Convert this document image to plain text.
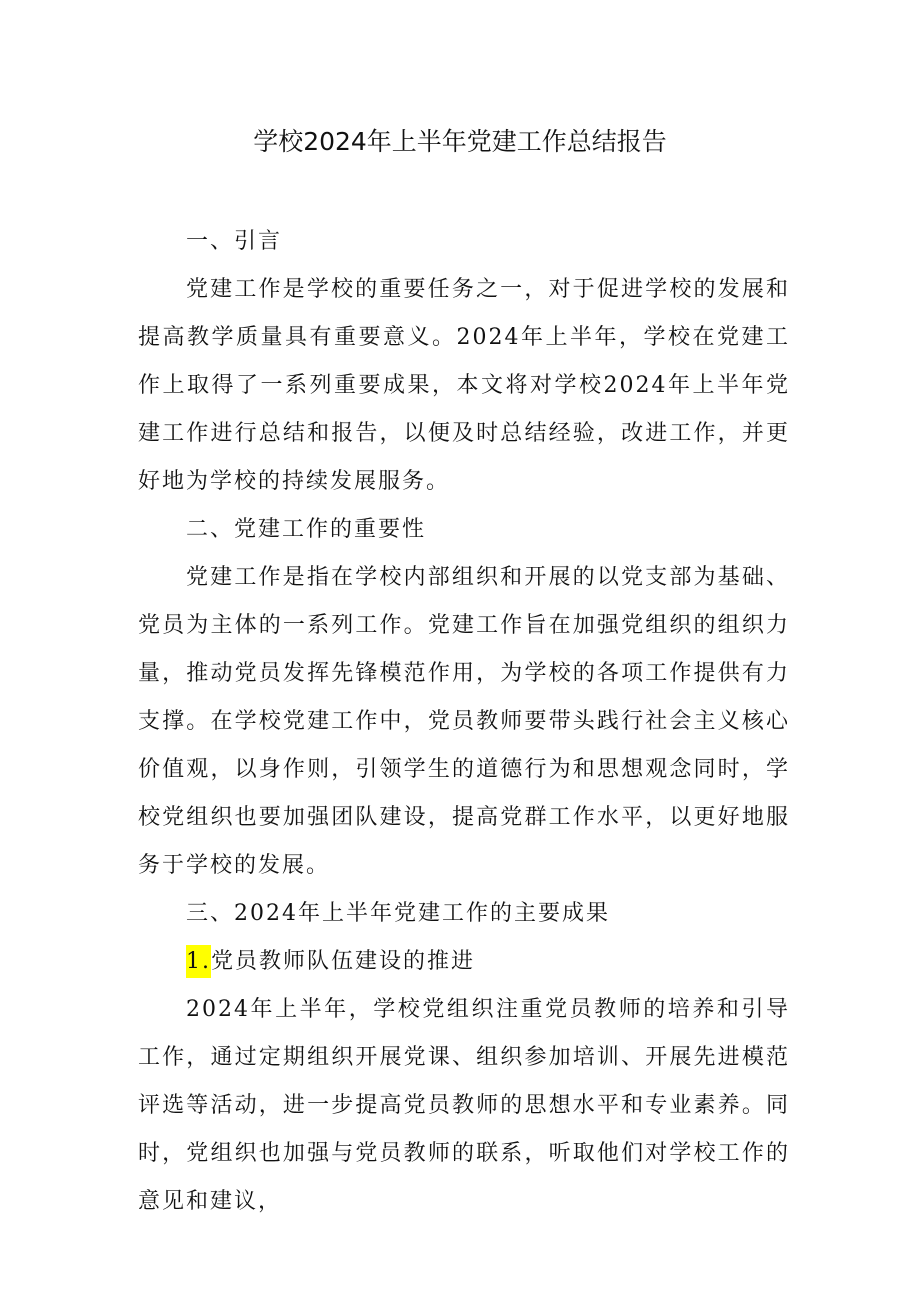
学校2024年上半年党建工作总结报告

一、引言

党建工作是学校的重要任务之一，对于促进学校的发展和提高教学质量具有重要意义。2024年上半年，学校在党建工作上取得了一系列重要成果，本文将对学校2024年上半年党建工作进行总结和报告，以便及时总结经验，改进工作，并更好地为学校的持续发展服务。

二、党建工作的重要性

党建工作是指在学校内部组织和开展的以党支部为基础、党员为主体的一系列工作。党建工作旨在加强党组织的组织力量，推动党员发挥先锋模范作用，为学校的各项工作提供有力支撑。在学校党建工作中，党员教师要带头践行社会主义核心价值观，以身作则，引领学生的道德行为和思想观念同时，学校党组织也要加强团队建设，提高党群工作水平，以更好地服务于学校的发展。

三、2024年上半年党建工作的主要成果

1.党员教师队伍建设的推进

2024年上半年，学校党组织注重党员教师的培养和引导工作，通过定期组织开展党课、组织参加培训、开展先进模范评选等活动，进一步提高党员教师的思想水平和专业素养。同时，党组织也加强与党员教师的联系，听取他们对学校工作的意见和建议，
